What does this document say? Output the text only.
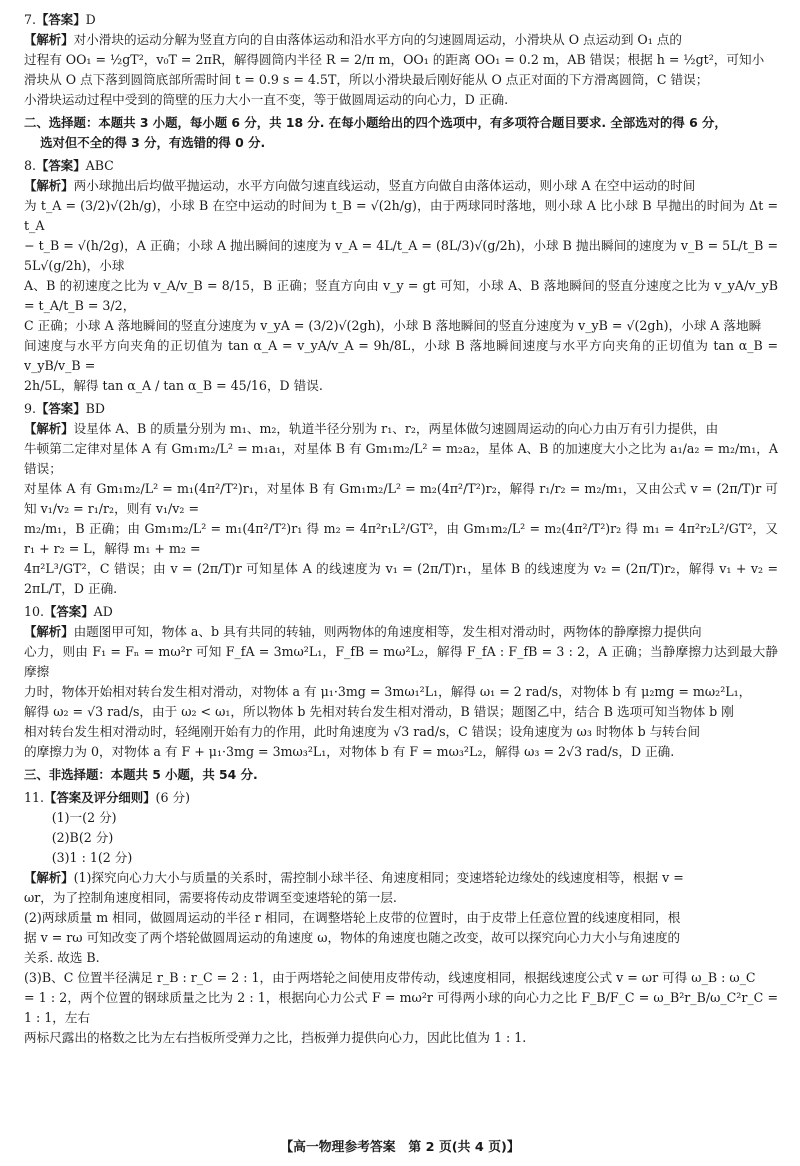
7.【答案】D

【解析】对小滑块的运动分解为竖直方向的自由落体运动和沿水平方向的匀速圆周运动，小滑块从 O 点运动到 O₁ 点的

过程有 OO₁ = ½gT²，v₀T = 2πR，解得圆筒内半径 R = 2/π m，OO₁ 的距离 OO₁ = 0.2 m，AB 错误；根据 h = ½gt²，可知小

滑块从 O 点下落到圆筒底部所需时间 t = 0.9 s = 4.5T，所以小滑块最后刚好能从 O 点正对面的下方滑离圆筒，C 错误；

小滑块运动过程中受到的筒壁的压力大小一直不变，等于做圆周运动的向心力，D 正确.

二、选择题：本题共 3 小题，每小题 6 分，共 18 分. 在每小题给出的四个选项中，有多项符合题目要求. 全部选对的得 6 分，

选对但不全的得 3 分，有选错的得 0 分.

8.【答案】ABC

【解析】两小球抛出后均做平抛运动，水平方向做匀速直线运动，竖直方向做自由落体运动，则小球 A 在空中运动的时间

为 t_A = (3/2)√(2h/g)，小球 B 在空中运动的时间为 t_B = √(2h/g)，由于两球同时落地，则小球 A 比小球 B 早抛出的时间为 Δt = t_A

− t_B = √(h/2g)，A 正确；小球 A 抛出瞬间的速度为 v_A = 4L/t_A = (8L/3)√(g/2h)，小球 B 抛出瞬间的速度为 v_B = 5L/t_B = 5L√(g/2h)，小球

A、B 的初速度之比为 v_A/v_B = 8/15，B 正确；竖直方向由 v_y = gt 可知，小球 A、B 落地瞬间的竖直分速度之比为 v_yA/v_yB = t_A/t_B = 3/2，

C 正确；小球 A 落地瞬间的竖直分速度为 v_yA = (3/2)√(2gh)，小球 B 落地瞬间的竖直分速度为 v_yB = √(2gh)，小球 A 落地瞬

间速度与水平方向夹角的正切值为 tan α_A = v_yA/v_A = 9h/8L，小球 B 落地瞬间速度与水平方向夹角的正切值为 tan α_B = v_yB/v_B =

2h/5L，解得 tan α_A / tan α_B = 45/16，D 错误.

9.【答案】BD

【解析】设星体 A、B 的质量分别为 m₁、m₂，轨道半径分别为 r₁、r₂，两星体做匀速圆周运动的向心力由万有引力提供，由

牛顿第二定律对星体 A 有 Gm₁m₂/L² = m₁a₁，对星体 B 有 Gm₁m₂/L² = m₂a₂，星体 A、B 的加速度大小之比为 a₁/a₂ = m₂/m₁，A 错误；

对星体 A 有 Gm₁m₂/L² = m₁(4π²/T²)r₁，对星体 B 有 Gm₁m₂/L² = m₂(4π²/T²)r₂，解得 r₁/r₂ = m₂/m₁，又由公式 v = (2π/T)r 可知 v₁/v₂ = r₁/r₂，则有 v₁/v₂ =

m₂/m₁，B 正确；由 Gm₁m₂/L² = m₁(4π²/T²)r₁ 得 m₂ = 4π²r₁L²/GT²，由 Gm₁m₂/L² = m₂(4π²/T²)r₂ 得 m₁ = 4π²r₂L²/GT²，又 r₁ + r₂ = L，解得 m₁ + m₂ =

4π²L³/GT²，C 错误；由 v = (2π/T)r 可知星体 A 的线速度为 v₁ = (2π/T)r₁，星体 B 的线速度为 v₂ = (2π/T)r₂，解得 v₁ + v₂ = 2πL/T，D 正确.

10.【答案】AD

【解析】由题图甲可知，物体 a、b 具有共同的转轴，则两物体的角速度相等，发生相对滑动时，两物体的静摩擦力提供向

心力，则由 F₁ = Fₙ = mω²r 可知 F_fA = 3mω²L₁，F_fB = mω²L₂，解得 F_fA : F_fB = 3 : 2，A 正确；当静摩擦力达到最大静摩擦

力时，物体开始相对转台发生相对滑动，对物体 a 有 μ₁·3mg = 3mω₁²L₁，解得 ω₁ = 2 rad/s，对物体 b 有 μ₂mg = mω₂²L₁，

解得 ω₂ = √3 rad/s，由于 ω₂ < ω₁，所以物体 b 先相对转台发生相对滑动，B 错误；题图乙中，结合 B 选项可知当物体 b 刚

相对转台发生相对滑动时，轻绳刚开始有力的作用，此时角速度为 √3 rad/s，C 错误；设角速度为 ω₃ 时物体 b 与转台间

的摩擦力为 0，对物体 a 有 F + μ₁·3mg = 3mω₃²L₁，对物体 b 有 F = mω₃²L₂，解得 ω₃ = 2√3 rad/s，D 正确.

三、非选择题：本题共 5 小题，共 54 分.

11.【答案及评分细则】(6 分)

(1)一(2 分)

(2)B(2 分)

(3)1 : 1(2 分)

【解析】(1)探究向心力大小与质量的关系时，需控制小球半径、角速度相同；变速塔轮边缘处的线速度相等，根据 v =

ωr，为了控制角速度相同，需要将传动皮带调至变速塔轮的第一层.

(2)两球质量 m 相同，做圆周运动的半径 r 相同，在调整塔轮上皮带的位置时，由于皮带上任意位置的线速度相同，根

据 v = rω 可知改变了两个塔轮做圆周运动的角速度 ω，物体的角速度也随之改变，故可以探究向心力大小与角速度的

关系. 故选 B.

(3)B、C 位置半径满足 r_B : r_C = 2 : 1，由于两塔轮之间使用皮带传动，线速度相同，根据线速度公式 v = ωr 可得 ω_B : ω_C

= 1 : 2，两个位置的钢球质量之比为 2 : 1，根据向心力公式 F = mω²r 可得两小球的向心力之比 F_B/F_C = ω_B²r_B/ω_C²r_C = 1 : 1，左右

两标尺露出的格数之比为左右挡板所受弹力之比，挡板弹力提供向心力，因此比值为 1 : 1.

【高一物理参考答案　第 2 页(共 4 页)】
